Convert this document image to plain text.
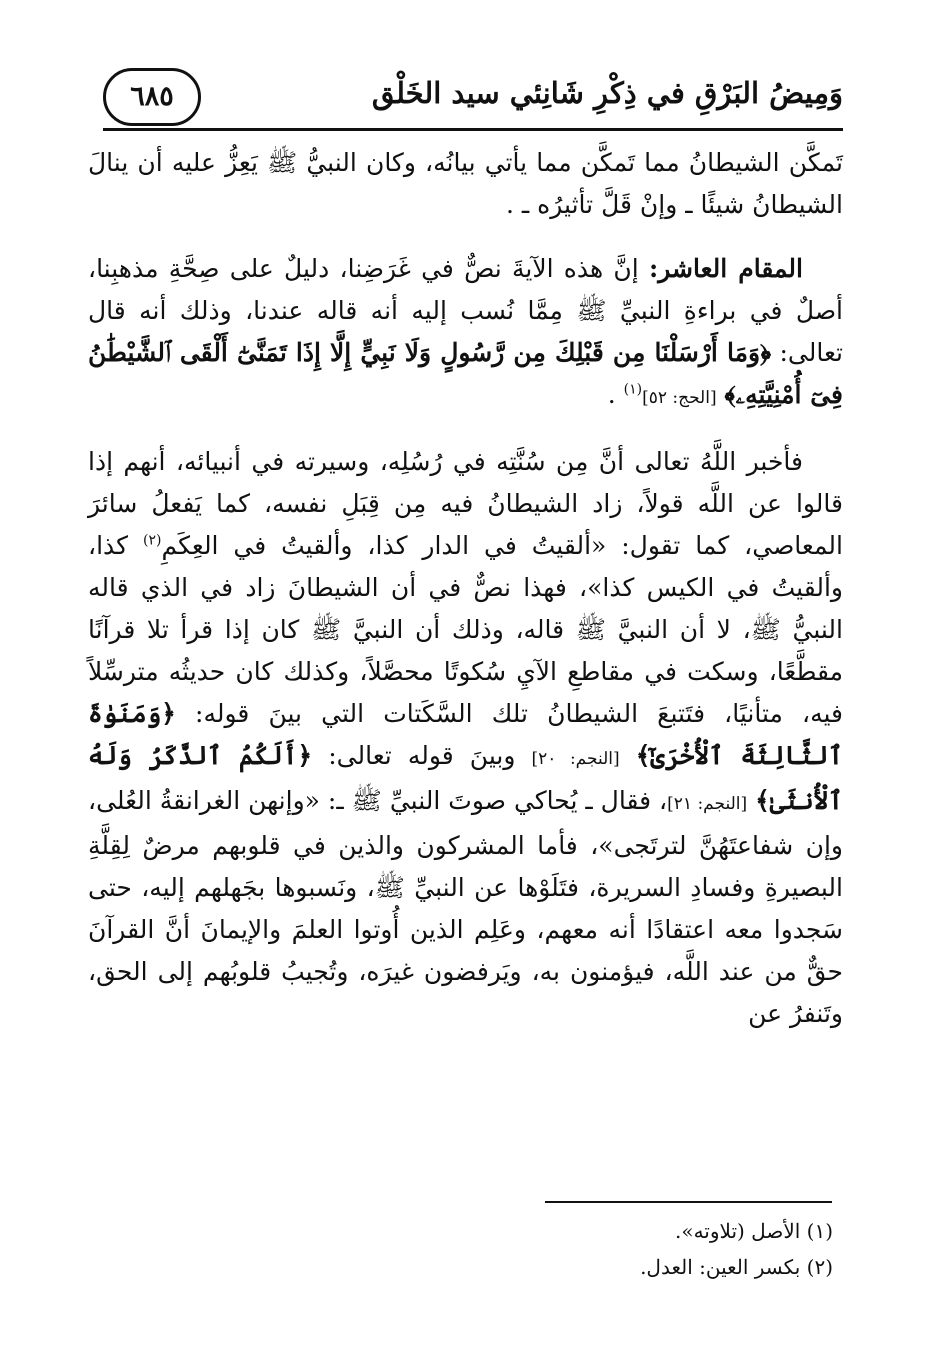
وَمِيضُ البَرْقِ في ذِكْرِ شَانِئي سيد الخَلْق
٦٨٥

تَمكَّن الشيطانُ مما تَمكَّن مما يأتي بيانُه، وكان النبيُّ ﷺ يَعِزُّ عليه أن ينالَ الشيطانُ شيئًا ـ وإنْ قَلَّ تأثيرُه ـ .

المقام العاشر: إنَّ هذه الآيةَ نصٌّ في غَرَضِنا، دليلٌ على صِحَّةِ مذهبِنا، أصلٌ في براءةِ النبيِّ ﷺ مِمَّا نُسب إليه أنه قاله عندنا، وذلك أنه قال تعالى: ﴿وَمَا أَرْسَلْنَا مِن قَبْلِكَ مِن رَّسُولٍ وَلَا نَبِيٍّ إِلَّا إِذَا تَمَنَّىٰٓ أَلْقَى ٱلشَّيْطَٰنُ فِىٓ أُمْنِيَّتِهِۦ﴾ [الحج: ٥٢]$^{(١)}$ .

فأخبر اللَّهُ تعالى أنَّ مِن سُنَّتِه في رُسُلِه، وسيرته في أنبيائه، أنهم إذا قالوا عن اللَّه قولاً، زاد الشيطانُ فيه مِن قِبَلِ نفسه، كما يَفعلُ سائرَ المعاصي، كما تقول: «ألقيتُ في الدار كذا، وألقيتُ في العِكَمِ$^{(٢)}$ كذا، وألقيتُ في الكيس كذا»، فهذا نصٌّ في أن الشيطانَ زاد في الذي قاله النبيُّ ﷺ، لا أن النبيَّ ﷺ قاله، وذلك أن النبيَّ ﷺ كان إذا قرأ تلا قرآنًا مقطَّعًا، وسكت في مقاطعِ الآيِ سُكوتًا محصَّلاً، وكذلك كان حديثُه مترسِّلاً فيه، متأنيًا، فتَتبعَ الشيطانُ تلك السَّكَتات التي بينَ قوله: ﴿وَمَنَوٰةَ ٱلثَّالِثَةَ ٱلْأُخْرَىٰٓ﴾ [النجم: ٢٠] وبينَ قوله تعالى: ﴿أَلَكُمُ ٱلذَّكَرُ وَلَهُ ٱلْأُنثَىٰ﴾ [النجم: ٢١]، فقال ـ يُحاكي صوتَ النبيِّ ﷺ ـ: «وإنهن الغرانقةُ العُلى، وإن شفاعتَهُنَّ لترتَجى»، فأما المشركون والذين في قلوبهم مرضٌ لِقِلَّةِ البصيرةِ وفسادِ السريرة، فتَلَوْها عن النبيِّ ﷺ، ونَسبوها بجَهلهم إليه، حتى سَجدوا معه اعتقادًا أنه معهم، وعَلِم الذين أُوتوا العلمَ والإيمانَ أنَّ القرآنَ حقٌّ من عند اللَّه، فيؤمنون به، ويَرفضون غيرَه، وتُجيبُ قلوبُهم إلى الحق، وتَنفرُ عن

(١) الأصل (تلاوته».

(٢) بكسر العين: العدل.
